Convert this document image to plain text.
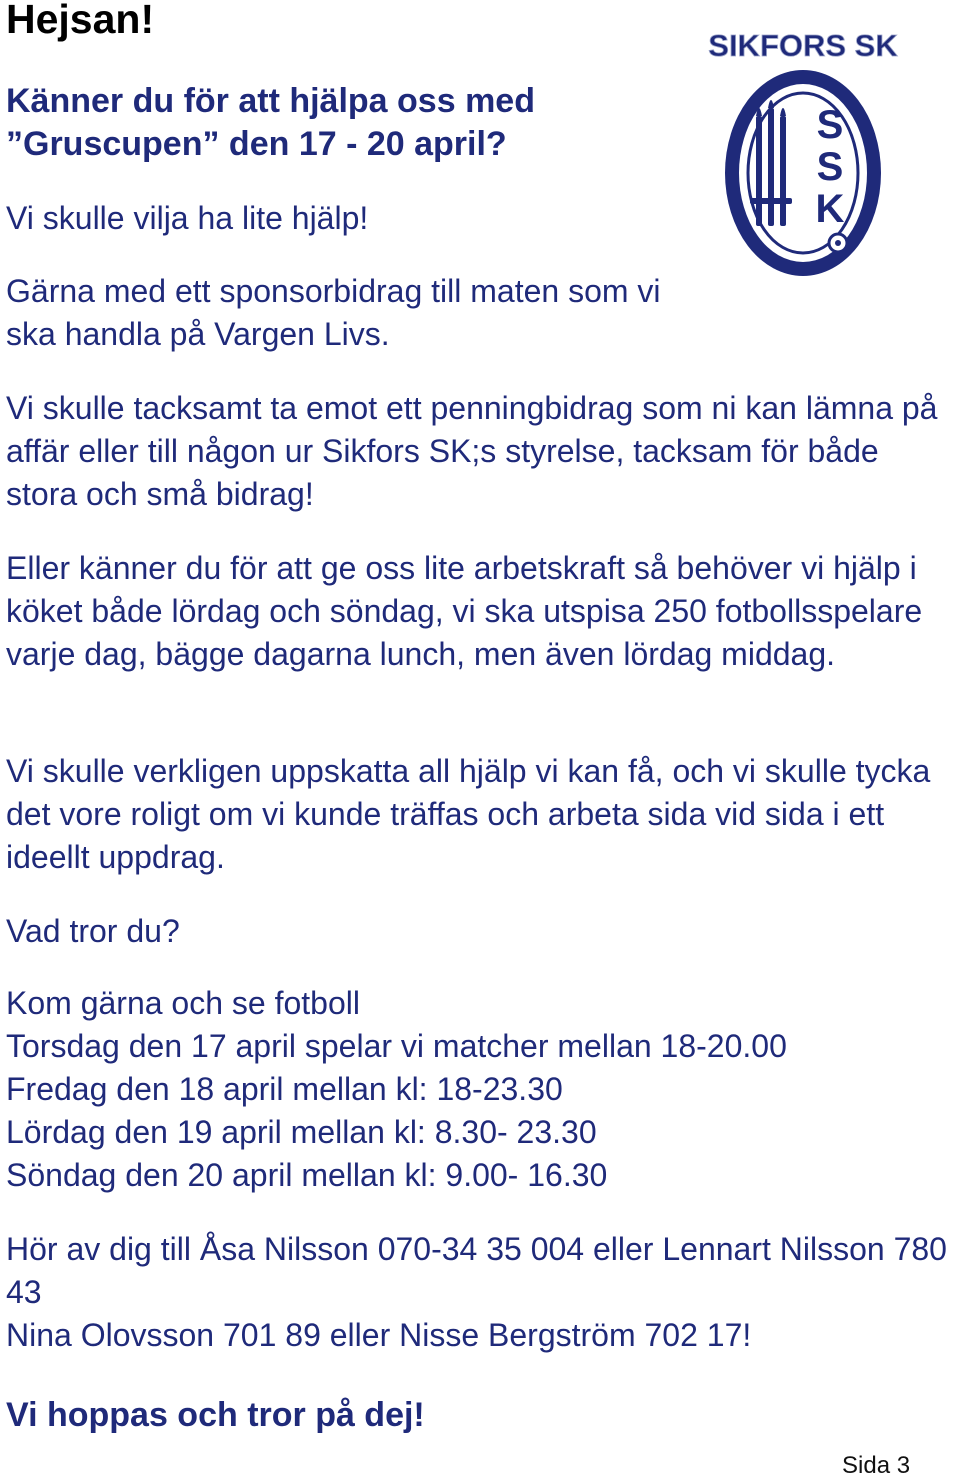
Hejsan!

Känner du för att hjälpa oss med
”Gruscupen” den 17 - 20 april?

Vi skulle vilja ha lite hjälp!

Gärna med ett sponsorbidrag till maten som vi ska handla på Vargen Livs.

Vi skulle tacksamt ta emot ett penningbidrag som ni kan lämna på affär eller till någon ur Sikfors SK;s styrelse, tacksam för både stora och små bidrag!

Eller känner du för att ge oss lite arbetskraft så behöver vi hjälp i köket både lördag och söndag, vi ska utspisa 250 fotbollsspelare varje dag, bägge dagarna lunch, men även lördag middag.

Vi skulle verkligen uppskatta all hjälp vi kan få, och vi skulle tycka det vore roligt om vi kunde träffas och arbeta sida vid sida i ett ideellt uppdrag.

Vad tror du?

Kom gärna och se fotboll
Torsdag den 17 april spelar vi matcher mellan 18-20.00
Fredag den 18 april mellan kl: 18-23.30
Lördag den 19 april mellan kl: 8.30- 23.30
Söndag den 20 april mellan kl: 9.00- 16.30
Hör av dig till Åsa Nilsson 070-34 35 004 eller Lennart Nilsson 780 43
Nina Olovsson 701 89 eller Nisse Bergström 702 17!

Vi hoppas och tror på dej!

Sida 3
SIKFORS SK
S
S
K
